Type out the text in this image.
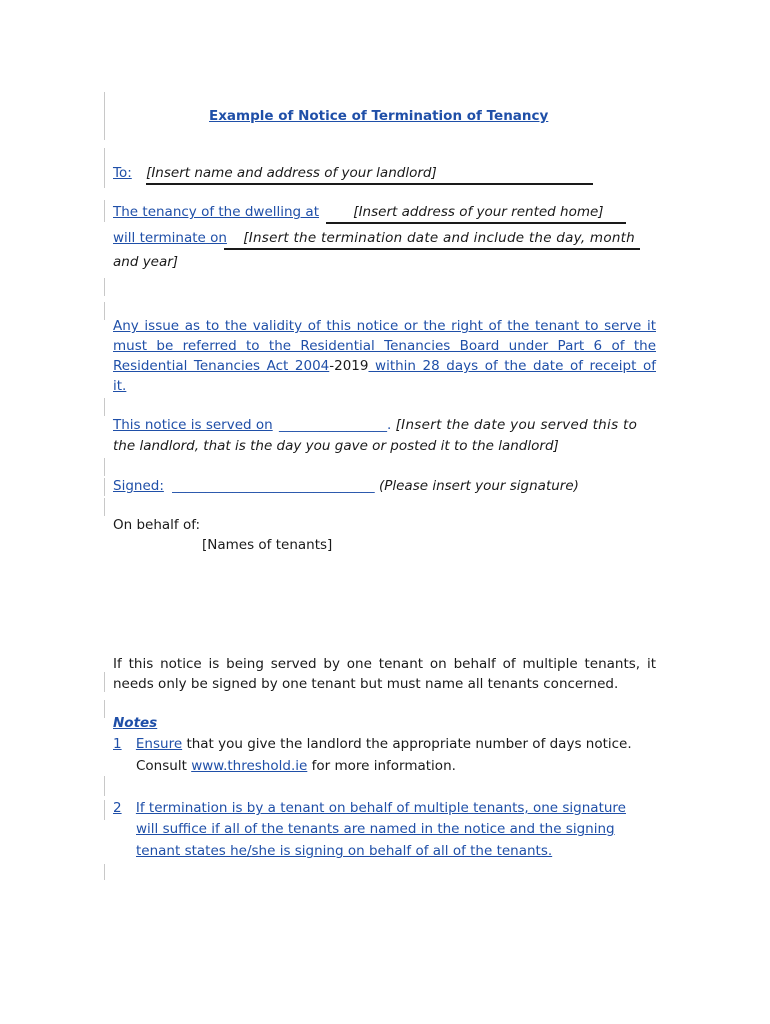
Example of Notice of Termination of Tenancy
To: [Insert name and address of your landlord]
The tenancy of the dwelling at	[Insert address of your rented home]
will terminate on [Insert the termination date and include the day, month
and year]
Any issue as to the validity of this notice or the right of the tenant to serve it
must be referred to the Residential Tenancies Board under Part 6 of the
Residential Tenancies Act 2004-2019 within 28 days of the date of receipt of
it.
This notice is served on ________________. [Insert the date you served this to
the landlord, that is the day you gave or posted it to the landlord]
Signed: ______________________________ (Please insert your signature)
On behalf of:
[Names of tenants]
If this notice is being served by one tenant on behalf of multiple tenants, it
needs only be signed by one tenant but must name all tenants concerned.
Notes
1 Ensure that you give the landlord the appropriate number of days notice.
Consult www.threshold.ie for more information.
2 If termination is by a tenant on behalf of multiple tenants, one signature
will suffice if all of the tenants are named in the notice and the signing
tenant states he/she is signing on behalf of all of the tenants.
